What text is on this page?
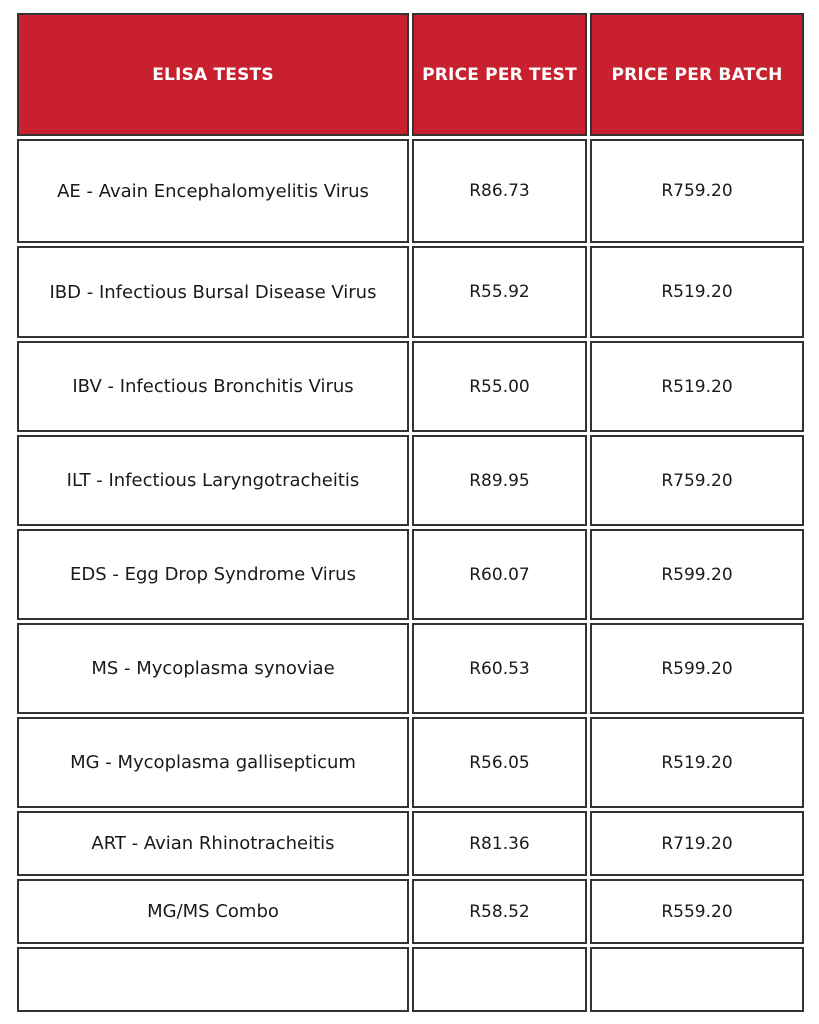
ELISA TESTS	PRICE PER TEST	PRICE PER BATCH
AE - Avain Encephalomyelitis Virus	R86.73	R759.20
IBD - Infectious Bursal Disease Virus	R55.92	R519.20
IBV - Infectious Bronchitis Virus	R55.00	R519.20
ILT - Infectious Laryngotracheitis	R89.95	R759.20
EDS - Egg Drop Syndrome Virus	R60.07	R599.20
MS - Mycoplasma synoviae	R60.53	R599.20
MG - Mycoplasma gallisepticum	R56.05	R519.20
ART - Avian Rhinotracheitis	R81.36	R719.20
MG/MS Combo	R58.52	R559.20
